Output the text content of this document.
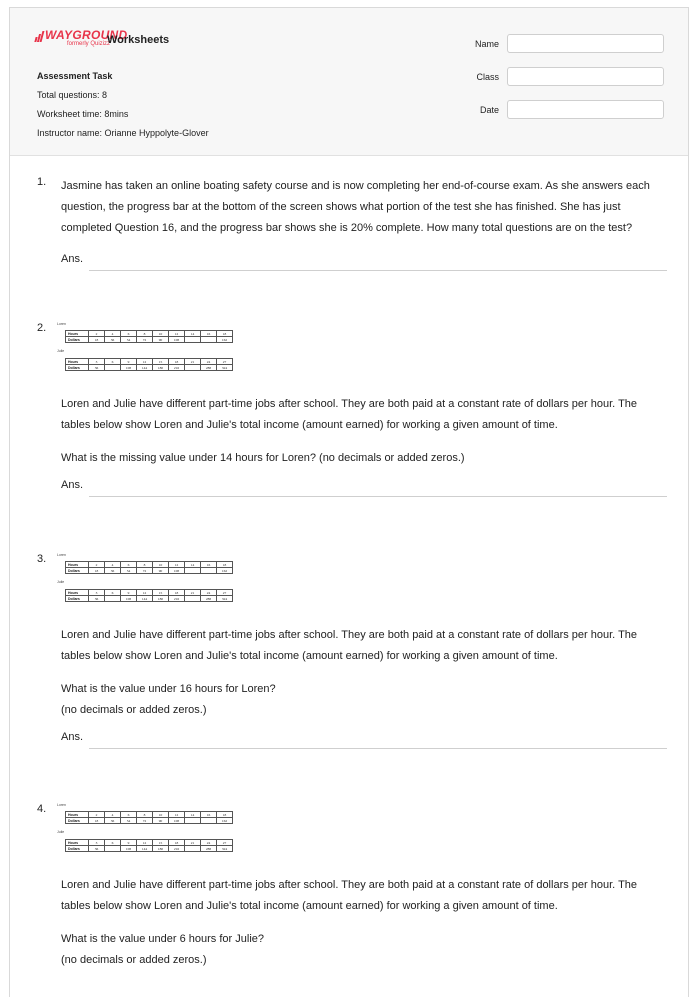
WAYGROUND
formerly Quizizz
Worksheets
Assessment Task
Total questions: 8
Worksheet time: 8mins
Instructor name: Orianne Hyppolyte-Glover
Name
Class
Date
1. Jasmine has taken an online boating safety course and is now completing her end-of-course exam. As she answers each question, the progress bar at the bottom of the screen shows what portion of the test she has finished. She has just completed Question 16, and the progress bar shows she is 20% complete. How many total questions are on the test?
Ans.
2.	Loren
Hours	2	4	6	8	10	12	14	16	18
Dollars	18	36	54	72	90	108			162
Julie
Hours	3	6	9	12	15	18	21	24	27
Dollars	36		108	144	180	216		288	324
Loren and Julie have different part-time jobs after school. They are both paid at a constant rate of dollars per hour. The tables below show Loren and Julie's total income (amount earned) for working a given amount of time.
What is the missing value under 14 hours for Loren? (no decimals or added zeros.)
Ans.
3.	Loren
Hours	2	4	6	8	10	12	14	16	18
Dollars	18	36	54	72	90	108			162
Julie
Hours	3	6	9	12	15	18	21	24	27
Dollars	36		108	144	180	216		288	324
Loren and Julie have different part-time jobs after school. They are both paid at a constant rate of dollars per hour. The tables below show Loren and Julie's total income (amount earned) for working a given amount of time.
What is the value under 16 hours for Loren?
(no decimals or added zeros.)
Ans.
4.	Loren
Hours	2	4	6	8	10	12	14	16	18
Dollars	18	36	54	72	90	108			162
Julie
Hours	3	6	9	12	15	18	21	24	27
Dollars	36		108	144	180	216		288	324
Loren and Julie have different part-time jobs after school. They are both paid at a constant rate of dollars per hour. The tables below show Loren and Julie's total income (amount earned) for working a given amount of time.
What is the value under 6 hours for Julie?
(no decimals or added zeros.)
